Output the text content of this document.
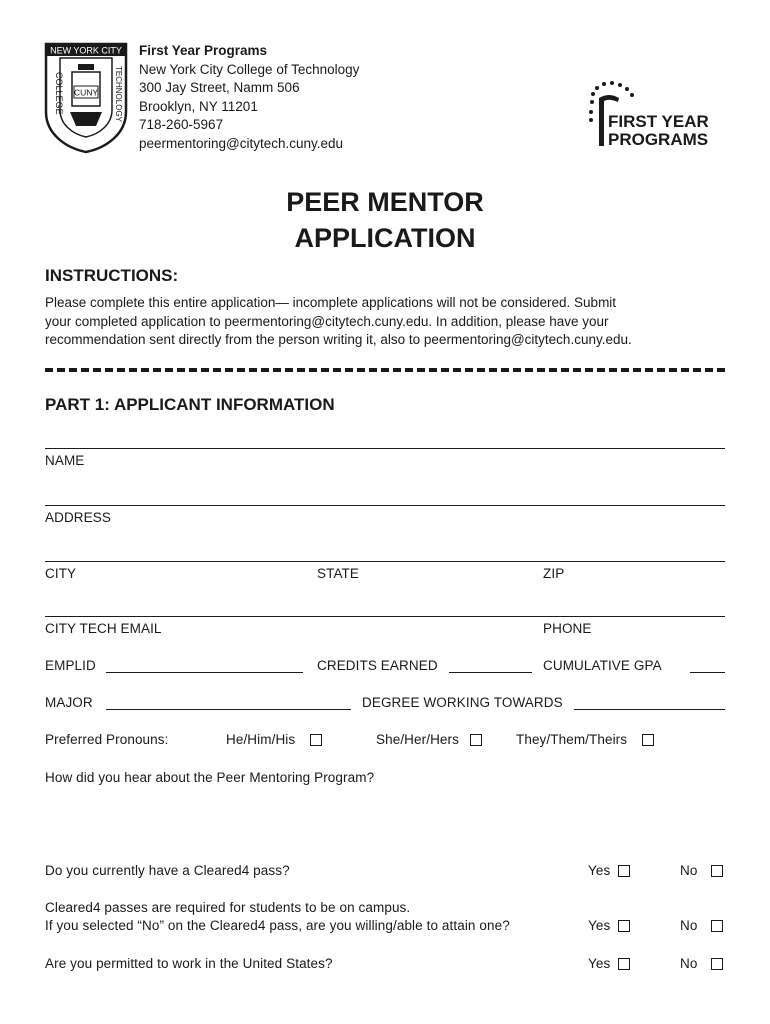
NEW YORK CITY
COLLEGE	TECHNOLOGY
CUNY
First Year Programs
New York City College of Technology
300 Jay Street, Namm 506
Brooklyn, NY 11201
718-260-5967
peermentoring@citytech.cuny.edu
FIRST YEAR
PROGRAMS
PEER MENTOR
APPLICATION
INSTRUCTIONS:

Please complete this entire application— incomplete applications will not be considered. Submit

your completed application to peermentoring@citytech.cuny.edu. In addition, please have your

recommendation sent directly from the person writing it, also to peermentoring@citytech.cuny.edu.

PART 1: APPLICANT INFORMATION
NAME
ADDRESS
CITY	STATE	ZIP
CITY TECH EMAIL	PHONE
EMPLID	CREDITS EARNED	CUMULATIVE GPA
MAJOR	DEGREE WORKING TOWARDS
Preferred Pronouns:	He/Him/His	She/Her/Hers	They/Them/Theirs
How did you hear about the Peer Mentoring Program?
Do you currently have a Cleared4 pass?	Yes	No
Cleared4 passes are required for students to be on campus.
If you selected “No” on the Cleared4 pass, are you willing/able to attain one?	Yes	No
Are you permitted to work in the United States?	Yes	No
